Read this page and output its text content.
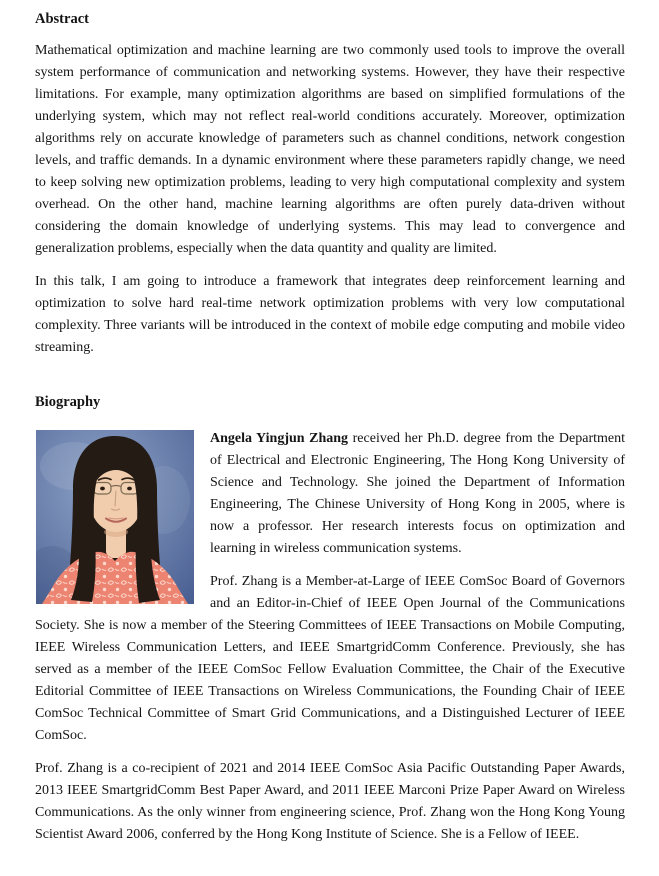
Abstract

Mathematical optimization and machine learning are two commonly used tools to improve the overall system performance of communication and networking systems. However, they have their respective limitations. For example, many optimization algorithms are based on simplified formulations of the underlying system, which may not reflect real-world conditions accurately. Moreover, optimization algorithms rely on accurate knowledge of parameters such as channel conditions, network congestion levels, and traffic demands. In a dynamic environment where these parameters rapidly change, we need to keep solving new optimization problems, leading to very high computational complexity and system overhead. On the other hand, machine learning algorithms are often purely data-driven without considering the domain knowledge of underlying systems. This may lead to convergence and generalization problems, especially when the data quantity and quality are limited.

In this talk, I am going to introduce a framework that integrates deep reinforcement learning and optimization to solve hard real-time network optimization problems with very low computational complexity. Three variants will be introduced in the context of mobile edge computing and mobile video streaming.

Biography

Angela Yingjun Zhang received her Ph.D. degree from the Department of Electrical and Electronic Engineering, The Hong Kong University of Science and Technology. She joined the Department of Information Engineering, The Chinese University of Hong Kong in 2005, where is now a professor. Her research interests focus on optimization and learning in wireless communication systems.

Prof. Zhang is a Member-at-Large of IEEE ComSoc Board of Governors and an Editor-in-Chief of IEEE Open Journal of the Communications Society. She is now a member of the Steering Committees of IEEE Transactions on Mobile Computing, IEEE Wireless Communication Letters, and IEEE SmartgridComm Conference. Previously, she has served as a member of the IEEE ComSoc Fellow Evaluation Committee, the Chair of the Executive Editorial Committee of IEEE Transactions on Wireless Communications, the Founding Chair of IEEE ComSoc Technical Committee of Smart Grid Communications, and a Distinguished Lecturer of IEEE ComSoc.

Prof. Zhang is a co-recipient of 2021 and 2014 IEEE ComSoc Asia Pacific Outstanding Paper Awards, 2013 IEEE SmartgridComm Best Paper Award, and 2011 IEEE Marconi Prize Paper Award on Wireless Communications. As the only winner from engineering science, Prof. Zhang won the Hong Kong Young Scientist Award 2006, conferred by the Hong Kong Institute of Science. She is a Fellow of IEEE.
